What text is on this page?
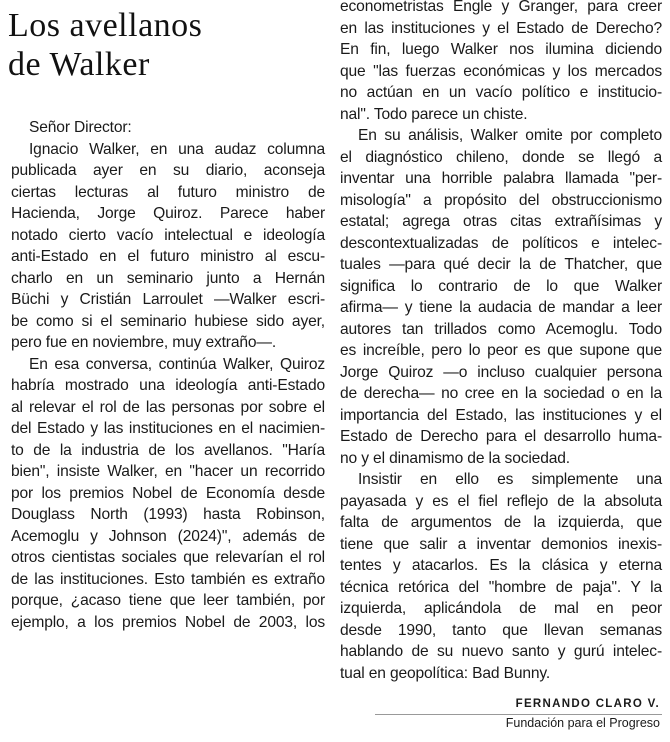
Los avellanos
de Walker
Señor Director:
Ignacio Walker, en una audaz columna
publicada ayer en su diario, aconseja
ciertas lecturas al futuro ministro de
Hacienda, Jorge Quiroz. Parece haber
notado cierto vacío intelectual e ideología
anti-Estado en el futuro ministro al escu-
charlo en un seminario junto a Hernán
Büchi y Cristián Larroulet —Walker escri-
be como si el seminario hubiese sido ayer,
pero fue en noviembre, muy extraño—.
En esa conversa, continúa Walker, Quiroz
habría mostrado una ideología anti-Estado
al relevar el rol de las personas por sobre el
del Estado y las instituciones en el nacimien-
to de la industria de los avellanos. "Haría
bien", insiste Walker, en "hacer un recorrido
por los premios Nobel de Economía desde
Douglass North (1993) hasta Robinson,
Acemoglu y Johnson (2024)", además de
otros cientistas sociales que relevarían el rol
de las instituciones. Esto también es extraño
porque, ¿acaso tiene que leer también, por
ejemplo, a los premios Nobel de 2003, los
econometristas Engle y Granger, para creer
en las instituciones y el Estado de Derecho?
En fin, luego Walker nos ilumina diciendo
que "las fuerzas económicas y los mercados
no actúan en un vacío político e institucio-
nal". Todo parece un chiste.
En su análisis, Walker omite por completo
el diagnóstico chileno, donde se llegó a
inventar una horrible palabra llamada "per-
misología" a propósito del obstruccionismo
estatal; agrega otras citas extrañísimas y
descontextualizadas de políticos e intelec-
tuales —para qué decir la de Thatcher, que
significa lo contrario de lo que Walker
afirma— y tiene la audacia de mandar a leer
autores tan trillados como Acemoglu. Todo
es increíble, pero lo peor es que supone que
Jorge Quiroz —o incluso cualquier persona
de derecha— no cree en la sociedad o en la
importancia del Estado, las instituciones y el
Estado de Derecho para el desarrollo huma-
no y el dinamismo de la sociedad.
Insistir en ello es simplemente una
payasada y es el fiel reflejo de la absoluta
falta de argumentos de la izquierda, que
tiene que salir a inventar demonios inexis-
tentes y atacarlos. Es la clásica y eterna
técnica retórica del "hombre de paja". Y la
izquierda, aplicándola de mal en peor
desde 1990, tanto que llevan semanas
hablando de su nuevo santo y gurú intelec-
tual en geopolítica: Bad Bunny.
FERNANDO CLARO V.
Fundación para el Progreso
